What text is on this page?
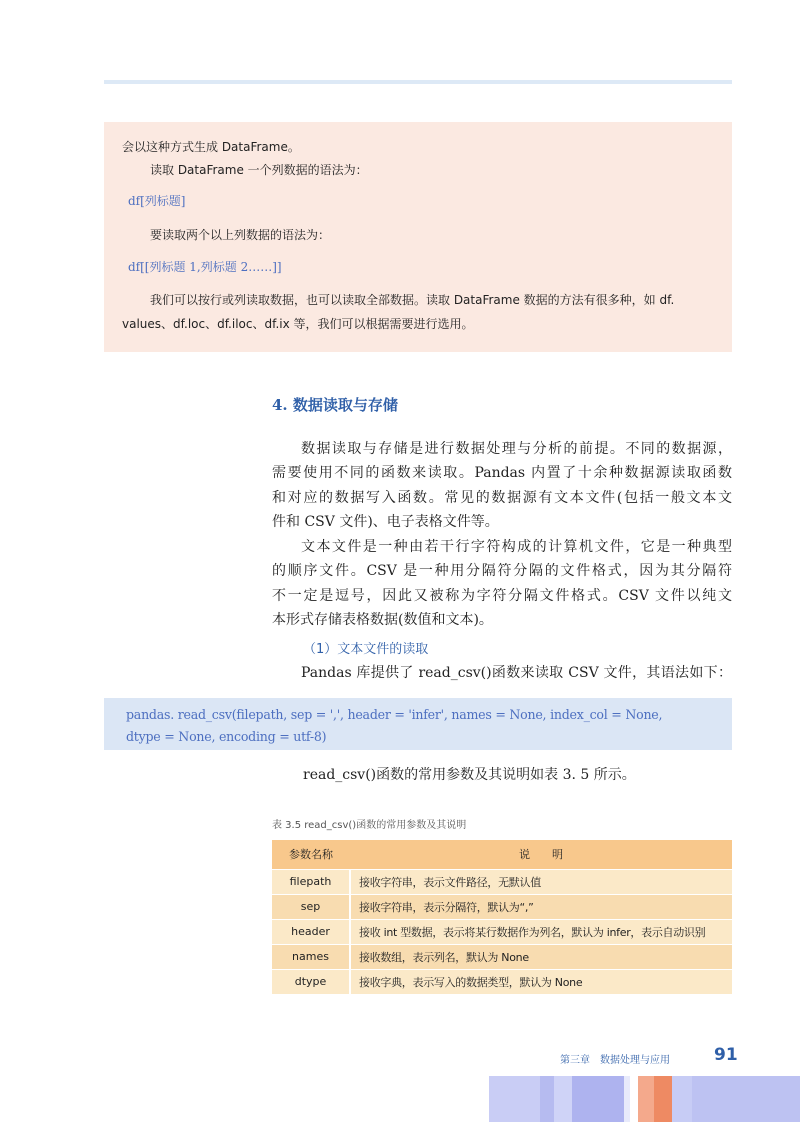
会以这种方式生成 DataFrame。
读取 DataFrame 一个列数据的语法为：
df[列标题]
要读取两个以上列数据的语法为：
df[[列标题 1,列标题 2……]]
我们可以按行或列读取数据，也可以读取全部数据。读取 DataFrame 数据的方法有很多种，如 df.
values、df.loc、df.iloc、df.ix 等，我们可以根据需要进行选用。
4. 数据读取与存储
数据读取与存储是进行数据处理与分析的前提。不同的数据源，
需要使用不同的函数来读取。Pandas 内置了十余种数据源读取函数
和对应的数据写入函数。常见的数据源有文本文件(包括一般文本文
件和 CSV 文件)、电子表格文件等。
文本文件是一种由若干行字符构成的计算机文件，它是一种典型
的顺序文件。CSV 是一种用分隔符分隔的文件格式，因为其分隔符
不一定是逗号，因此又被称为字符分隔文件格式。CSV 文件以纯文
本形式存储表格数据(数值和文本)。
（1）文本文件的读取
Pandas 库提供了 read_csv()函数来读取 CSV 文件，其语法如下：
pandas. read_csv(filepath, sep = ',', header = 'infer', names = None, index_col = None,
dtype = None, encoding = utf-8)
read_csv()函数的常用参数及其说明如表 3. 5 所示。
表 3.5 read_csv()函数的常用参数及其说明
参数名称	说　　明
filepath	接收字符串，表示文件路径，无默认值
sep	接收字符串，表示分隔符，默认为“,”
header	接收 int 型数据，表示将某行数据作为列名，默认为 infer，表示自动识别
names	接收数组，表示列名，默认为 None
dtype	接收字典，表示写入的数据类型，默认为 None
第三章 数据处理与应用	91
